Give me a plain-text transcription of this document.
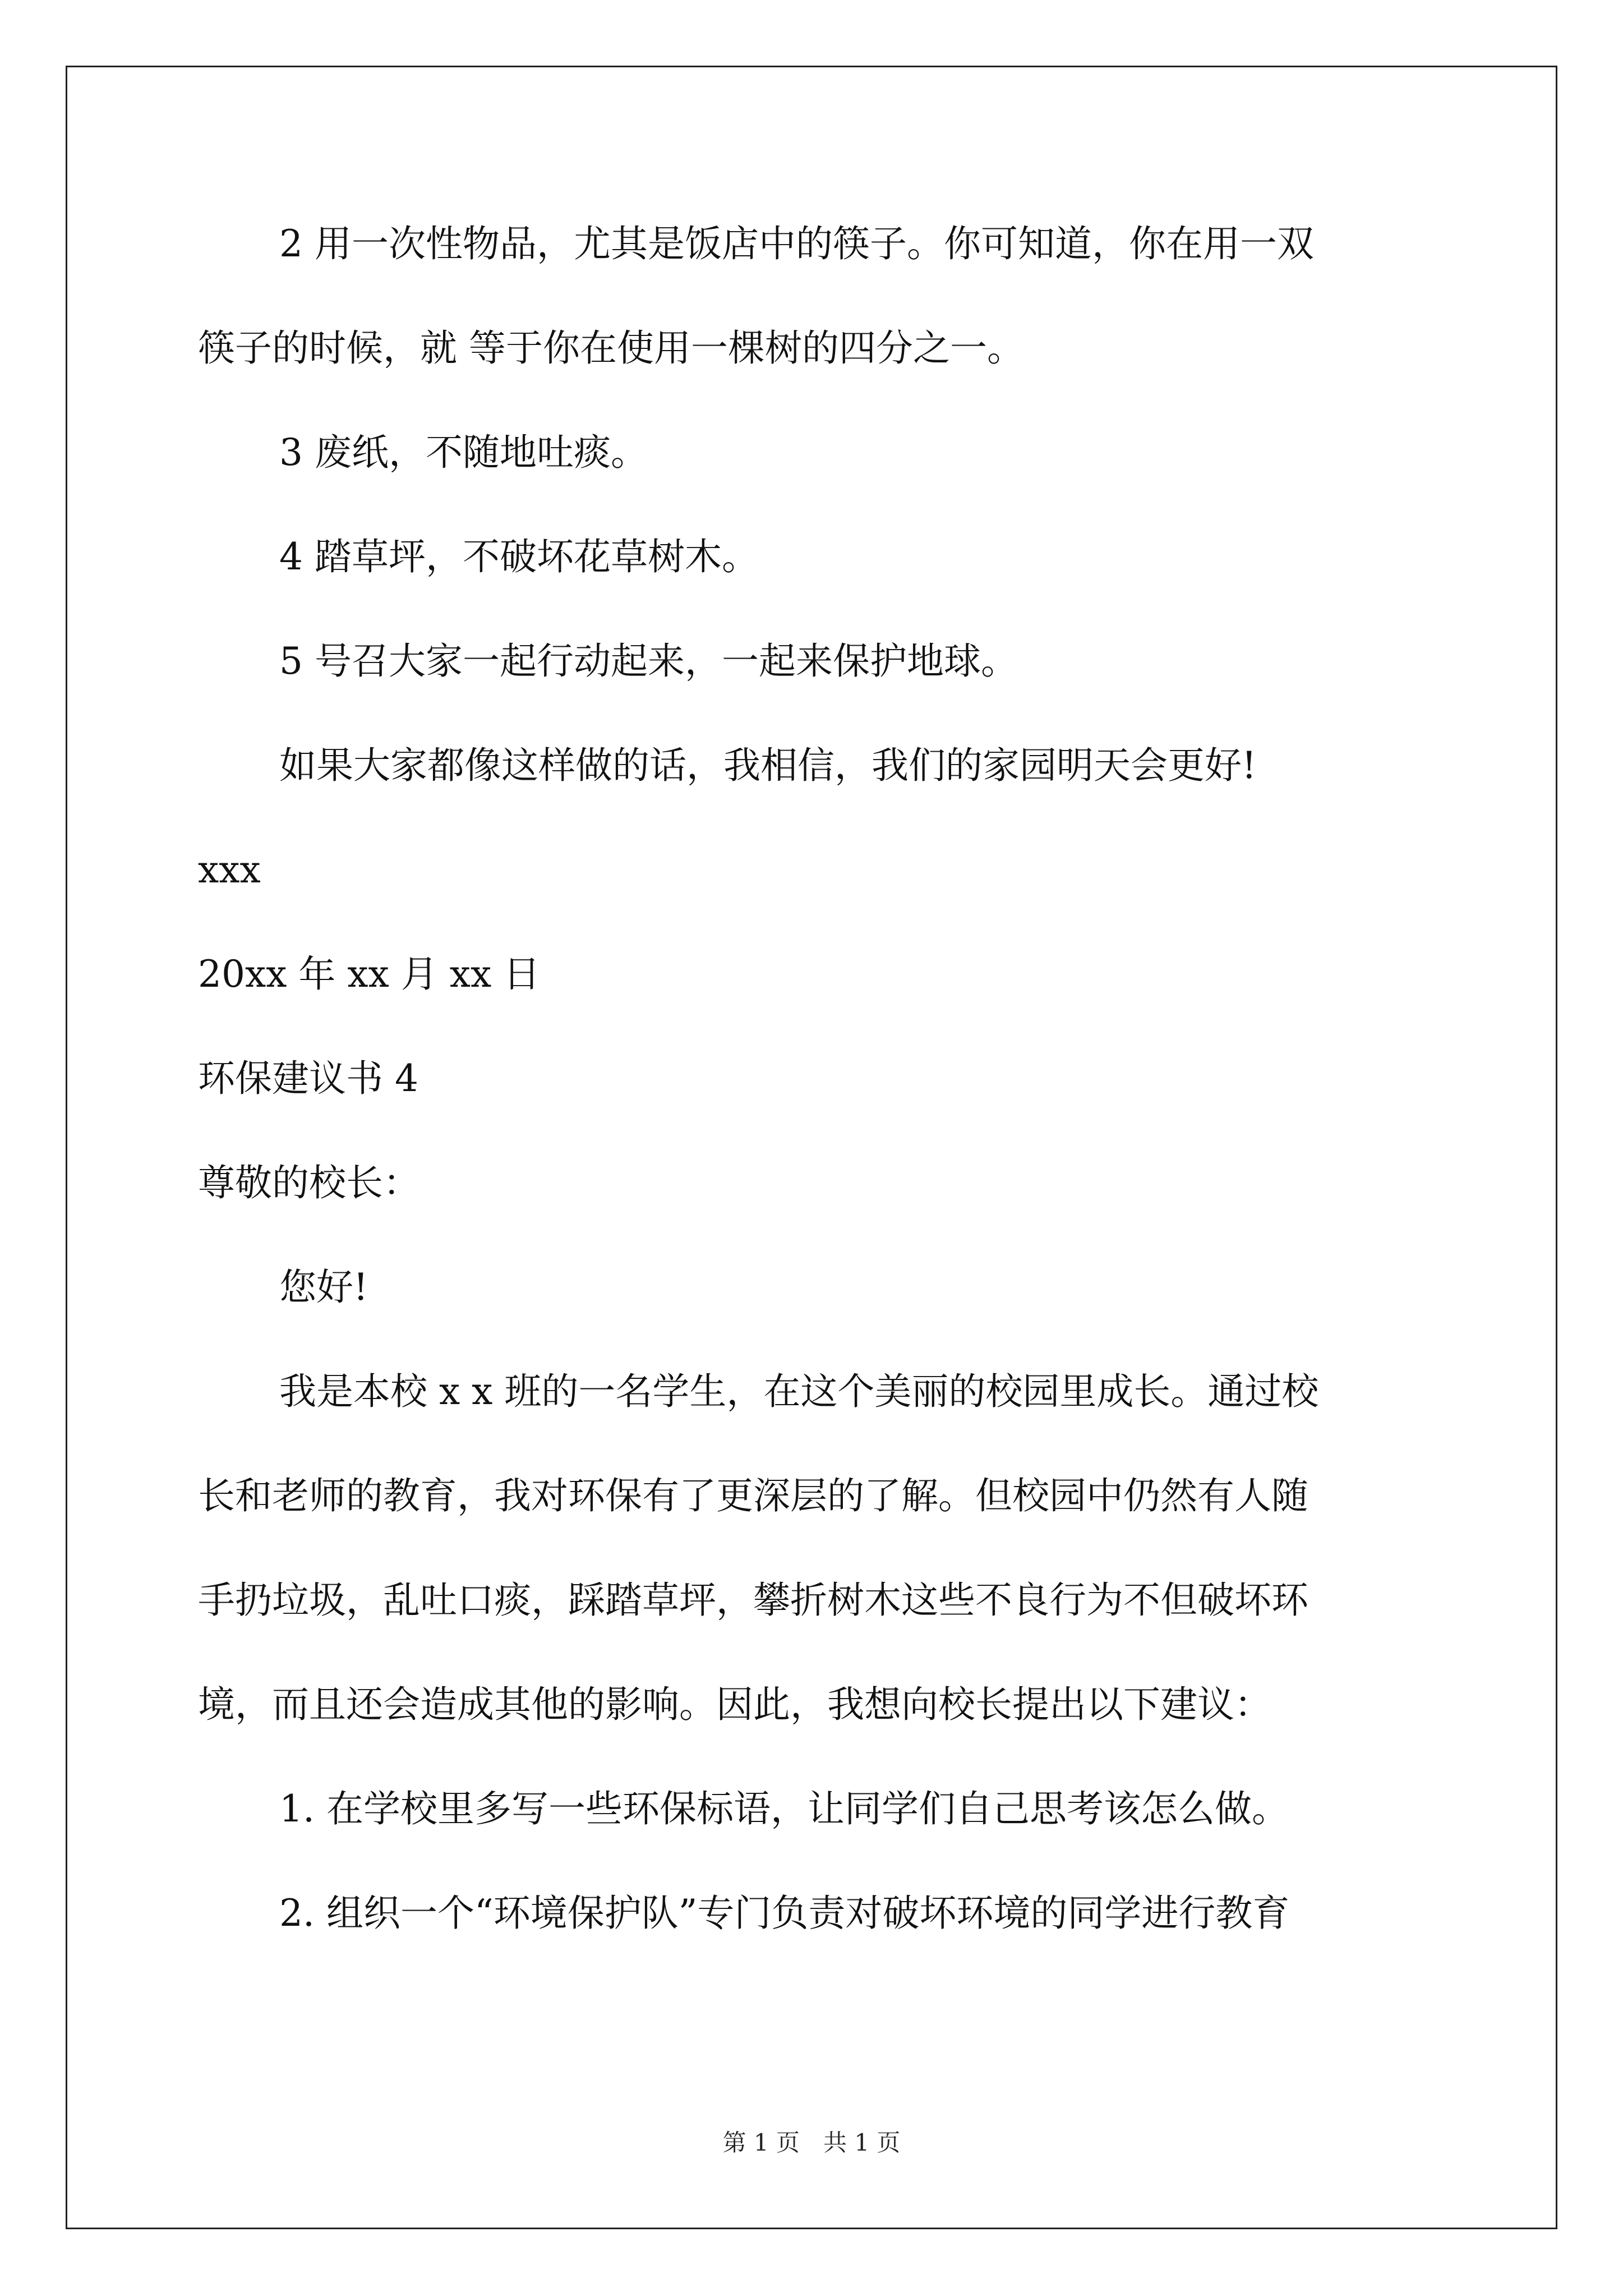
2 用一次性物品，尤其是饭店中的筷子。你可知道，你在用一双
筷子的时候，就 等于你在使用一棵树的四分之一。
3 废纸，不随地吐痰。
4 踏草坪，不破坏花草树木。
5 号召大家一起行动起来，一起来保护地球。
如果大家都像这样做的话，我相信，我们的家园明天会更好!
xxx
20xx 年 xx 月 xx 日
环保建议书 4
尊敬的校长：
您好!
我是本校 x x 班的一名学生，在这个美丽的校园里成长。通过校
长和老师的教育，我对环保有了更深层的了解。但校园中仍然有人随
手扔垃圾，乱吐口痰，踩踏草坪，攀折树木这些不良行为不但破坏环
境，而且还会造成其他的影响。因此，我想向校长提出以下建议：
1. 在学校里多写一些环保标语，让同学们自己思考该怎么做。
2. 组织一个“环境保护队”专门负责对破坏环境的同学进行教育
第 1 页　共 1 页
